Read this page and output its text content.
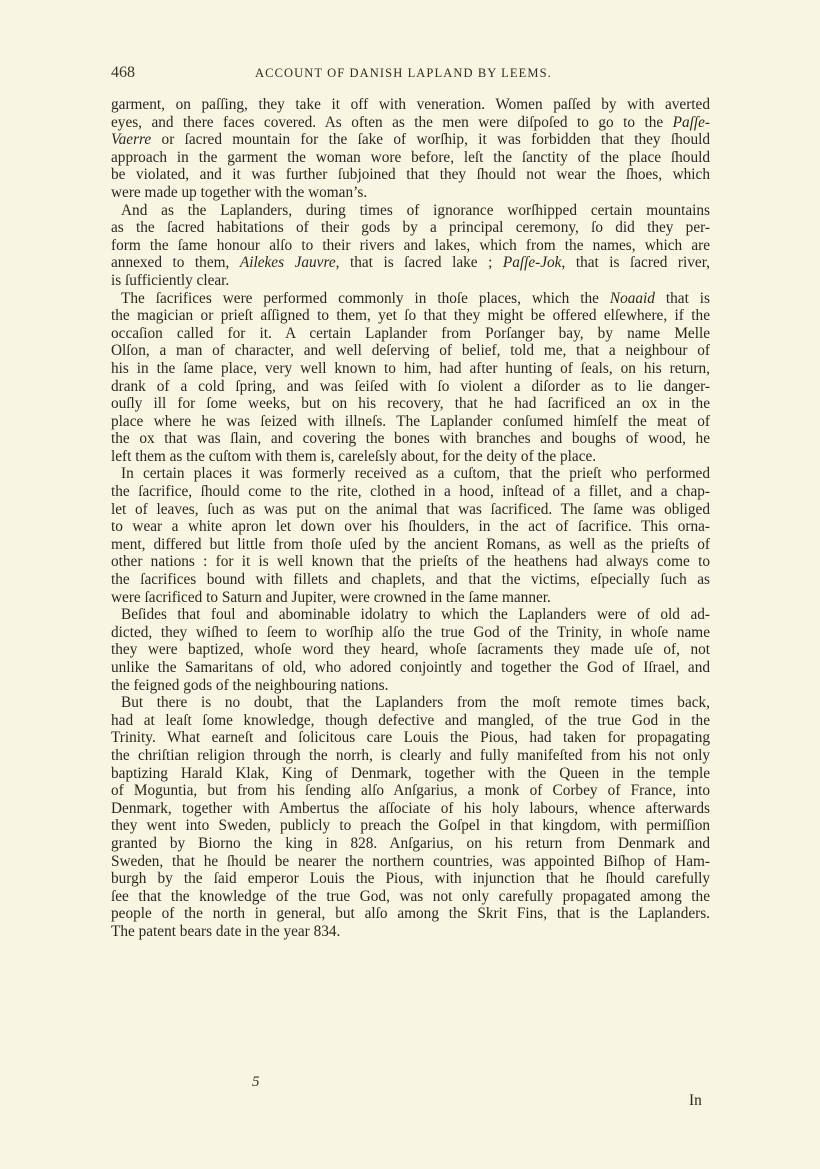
468	ACCOUNT OF DANISH LAPLAND BY LEEMS.
garment, on paſſing, they take it off with veneration. Women paſſed by with averted
eyes, and there faces covered. As often as the men were diſpoſed to go to the Paſſe-
Vaerre or ſacred mountain for the ſake of worſhip, it was forbidden that they ſhould
approach in the garment the woman wore before, leſt the ſanctity of the place ſhould
be violated, and it was further ſubjoined that they ſhould not wear the ſhoes, which
were made up together with the woman’s.
And as the Laplanders, during times of ignorance worſhipped certain mountains
as the ſacred habitations of their gods by a principal ceremony, ſo did they per-
form the ſame honour alſo to their rivers and lakes, which from the names, which are
annexed to them, Ailekes Jauvre, that is ſacred lake ; Paſſe-Jok, that is ſacred river,
is ſufficiently clear.
The ſacrifices were performed commonly in thoſe places, which the Noaaid that is
the magician or prieſt aſſigned to them, yet ſo that they might be offered elſewhere, if the
occaſion called for it. A certain Laplander from Porſanger bay, by name Melle
Olſon, a man of character, and well deſerving of belief, told me, that a neighbour of
his in the ſame place, very well known to him, had after hunting of ſeals, on his return,
drank of a cold ſpring, and was ſeiſed with ſo violent a diſorder as to lie danger-
ouſly ill for ſome weeks, but on his recovery, that he had ſacrificed an ox in the
place where he was ſeized with illneſs. The Laplander conſumed himſelf the meat of
the ox that was ſlain, and covering the bones with branches and boughs of wood, he
left them as the cuſtom with them is, careleſsly about, for the deity of the place.
In certain places it was formerly received as a cuſtom, that the prieſt who performed
the ſacrifice, ſhould come to the rite, clothed in a hood, inſtead of a fillet, and a chap-
let of leaves, ſuch as was put on the animal that was ſacrificed. The ſame was obliged
to wear a white apron let down over his ſhoulders, in the act of ſacrifice. This orna-
ment, differed but little from thoſe uſed by the ancient Romans, as well as the prieſts of
other nations : for it is well known that the prieſts of the heathens had always come to
the ſacrifices bound with fillets and chaplets, and that the victims, eſpecially ſuch as
were ſacrificed to Saturn and Jupiter, were crowned in the ſame manner.
Beſides that foul and abominable idolatry to which the Laplanders were of old ad-
dicted, they wiſhed to ſeem to worſhip alſo the true God of the Trinity, in whoſe name
they were baptized, whoſe word they heard, whoſe ſacraments they made uſe of, not
unlike the Samaritans of old, who adored conjointly and together the God of Iſrael, and
the feigned gods of the neighbouring nations.
But there is no doubt, that the Laplanders from the moſt remote times back,
had at leaſt ſome knowledge, though defective and mangled, of the true God in the
Trinity. What earneſt and ſolicitous care Louis the Pious, had taken for propagating
the chriſtian religion through the norrh, is clearly and fully manifeſted from his not only
baptizing Harald Klak, King of Denmark, together with the Queen in the temple
of Moguntia, but from his ſending alſo Anſgarius, a monk of Corbey of France, into
Denmark, together with Ambertus the aſſociate of his holy labours, whence afterwards
they went into Sweden, publicly to preach the Goſpel in that kingdom, with permiſſion
granted by Biorno the king in 828. Anſgarius, on his return from Denmark and
Sweden, that he ſhould be nearer the northern countries, was appointed Biſhop of Ham-
burgh by the ſaid emperor Louis the Pious, with injunction that he ſhould carefully
ſee that the knowledge of the true God, was not only carefully propagated among the
people of the north in general, but alſo among the Skrit Fins, that is the Laplanders.
The patent bears date in the year 834.
5
In
